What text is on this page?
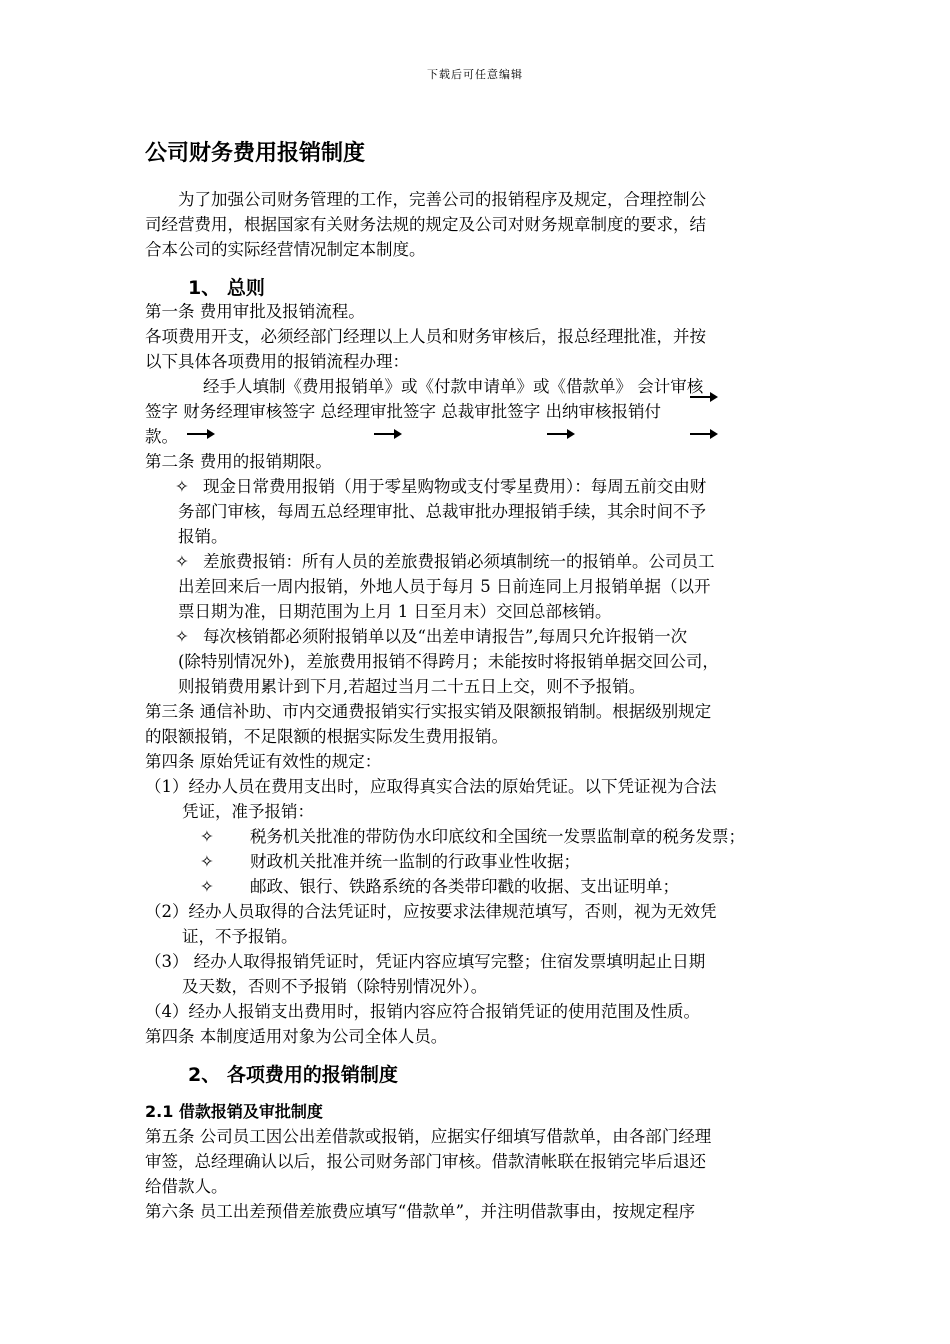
下载后可任意编辑
公司财务费用报销制度
为了加强公司财务管理的工作，完善公司的报销程序及规定，合理控制公
司经营费用，根据国家有关财务法规的规定及公司对财务规章制度的要求，结
合本公司的实际经营情况制定本制度。
1、 总则
第一条 费用审批及报销流程。
各项费用开支，必须经部门经理以上人员和财务审核后，报总经理批准，并按
以下具体各项费用的报销流程办理：
经手人填制《费用报销单》或《付款申请单》或《借款单》 会计审核
签字 财务经理审核签字 总经理审批签字 总裁审批签字 出纳审核报销付
款。
第二条 费用的报销期限。
✧ 现金日常费用报销（用于零星购物或支付零星费用）：每周五前交由财
务部门审核，每周五总经理审批、总裁审批办理报销手续，其余时间不予
报销。
✧ 差旅费报销：所有人员的差旅费报销必须填制统一的报销单。公司员工
出差回来后一周内报销，外地人员于每月 5 日前连同上月报销单据（以开
票日期为准，日期范围为上月 1 日至月末）交回总部核销。
✧ 每次核销都必须附报销单以及“出差申请报告”,每周只允许报销一次
(除特别情况外)，差旅费用报销不得跨月；未能按时将报销单据交回公司，
则报销费用累计到下月,若超过当月二十五日上交，则不予报销。
第三条 通信补助、市内交通费报销实行实报实销及限额报销制。根据级别规定
的限额报销，不足限额的根据实际发生费用报销。
第四条 原始凭证有效性的规定：
（1）经办人员在费用支出时，应取得真实合法的原始凭证。以下凭证视为合法
凭证，准予报销：
✧ 税务机关批准的带防伪水印底纹和全国统一发票监制章的税务发票；
✧ 财政机关批准并统一监制的行政事业性收据；
✧ 邮政、银行、铁路系统的各类带印戳的收据、支出证明单；
（2）经办人员取得的合法凭证时，应按要求法律规范填写，否则，视为无效凭
证，不予报销。
（3） 经办人取得报销凭证时，凭证内容应填写完整；住宿发票填明起止日期
及天数，否则不予报销（除特别情况外）。
（4）经办人报销支出费用时，报销内容应符合报销凭证的使用范围及性质。
第四条 本制度适用对象为公司全体人员。
2、 各项费用的报销制度
2.1 借款报销及审批制度
第五条 公司员工因公出差借款或报销，应据实仔细填写借款单，由各部门经理
审签，总经理确认以后，报公司财务部门审核。借款清帐联在报销完毕后退还
给借款人。
第六条 员工出差预借差旅费应填写“借款单”，并注明借款事由，按规定程序
